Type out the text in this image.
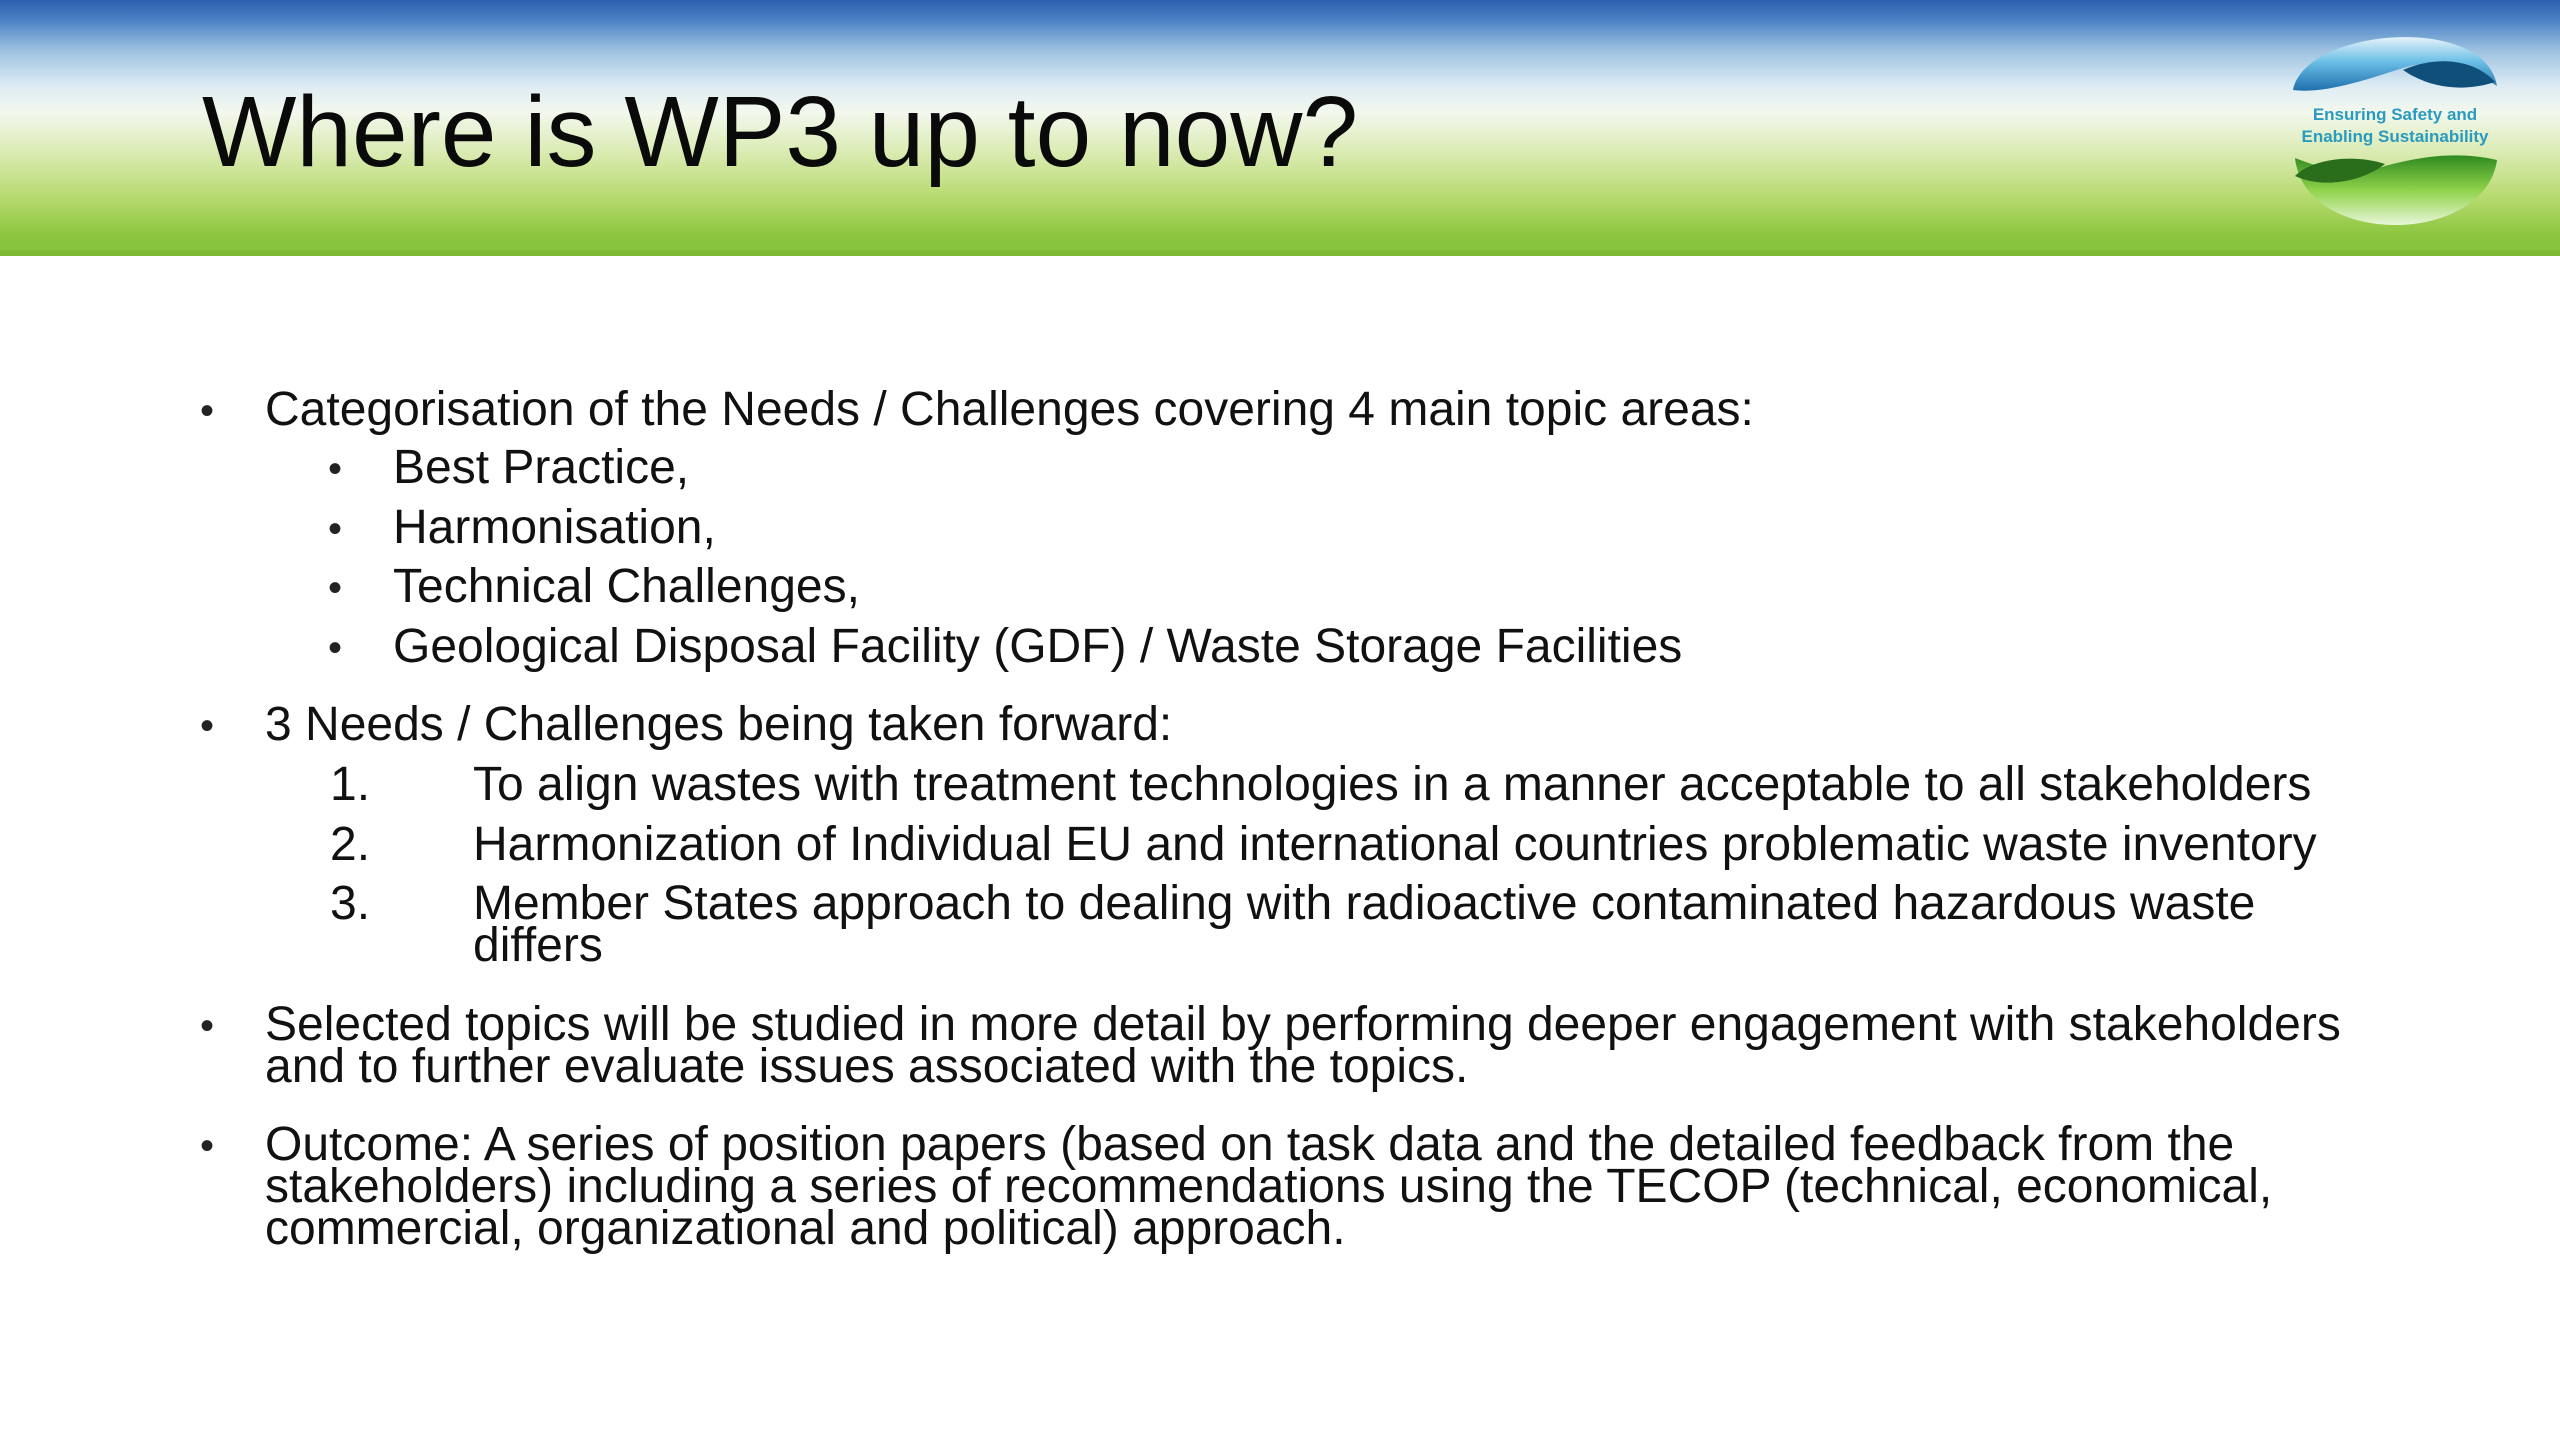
Where is WP3 up to now?	Ensuring Safety and
Enabling Sustainability
• Categorisation of the Needs / Challenges covering 4 main topic areas:
• Best Practice,
• Harmonisation,
• Technical Challenges,
• Geological Disposal Facility (GDF) / Waste Storage Facilities
• 3 Needs / Challenges being taken forward:
1. To align wastes with treatment technologies in a manner acceptable to all stakeholders
2. Harmonization of Individual EU and international countries problematic waste inventory
3. Member States approach to dealing with radioactive contaminated hazardous waste
differs
• Selected topics will be studied in more detail by performing deeper engagement with stakeholders
and to further evaluate issues associated with the topics.
• Outcome: A series of position papers (based on task data and the detailed feedback from the
stakeholders) including a series of recommendations using the TECOP (technical, economical,
commercial, organizational and political) approach.
